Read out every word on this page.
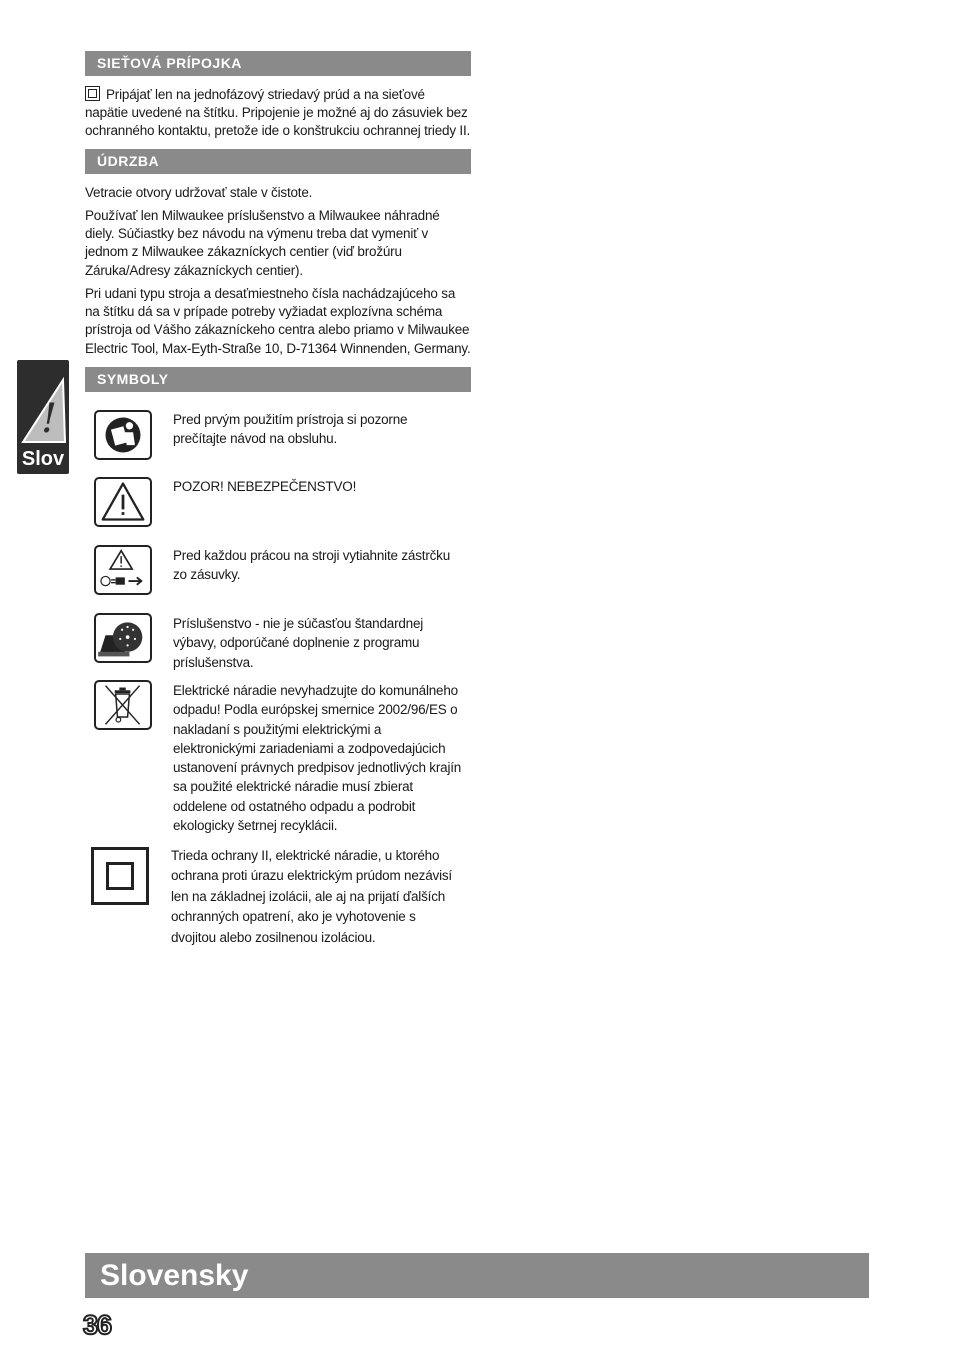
!
Slov
SIEŤOVÁ PRÍPOJKA

Pripájať len na jednofázový striedavý prúd a na sieťové napätie uvedené na štítku. Pripojenie je možné aj do zásuviek bez ochranného kontaktu, pretože ide o konštrukciu ochrannej triedy II.

ÚDRZBA
Vetracie otvory udržovať stale v čistote.
Používať len Milwaukee príslušenstvo a Milwaukee náhradné diely. Súčiastky bez návodu na výmenu treba dat vymeniť v jednom z Milwaukee zákazníckych centier (viď brožúru Záruka/Adresy zákazníckych centier).
Pri udani typu stroja a desaťmiestneho čísla nachádzajúceho sa na štítku dá sa v prípade potreby vyžiadat explozívna schéma prístroja od Vášho zákazníckeho centra alebo priamo v Milwaukee Electric Tool, Max-Eyth-Straße 10, D-71364 Winnenden, Germany.
SYMBOLY
Pred prvým použitím prístroja si pozorne prečítajte návod na obsluhu.
POZOR! NEBEZPEČENSTVO!
Pred každou prácou na stroji vytiahnite zástrčku zo zásuvky.
Príslušenstvo - nie je súčasťou štandardnej výbavy, odporúčané doplnenie z programu príslušenstva.
Elektrické náradie nevyhadzujte do komunálneho odpadu! Podla európskej smernice 2002/96/ES o nakladaní s použitými elektrickými a elektronickými zariadeniami a zodpovedajúcich ustanovení právnych predpisov jednotlivých krajín sa použité elektrické náradie musí zbierat oddelene od ostatného odpadu a podrobit ekologicky šetrnej recyklácii.
Trieda ochrany II, elektrické náradie, u ktorého ochrana proti úrazu elektrickým prúdom nezávisí len na základnej izolácii, ale aj na prijatí ďalších ochranných opatrení, ako je vyhotovenie s dvojitou alebo zosilnenou izoláciou.
Slovensky
36
